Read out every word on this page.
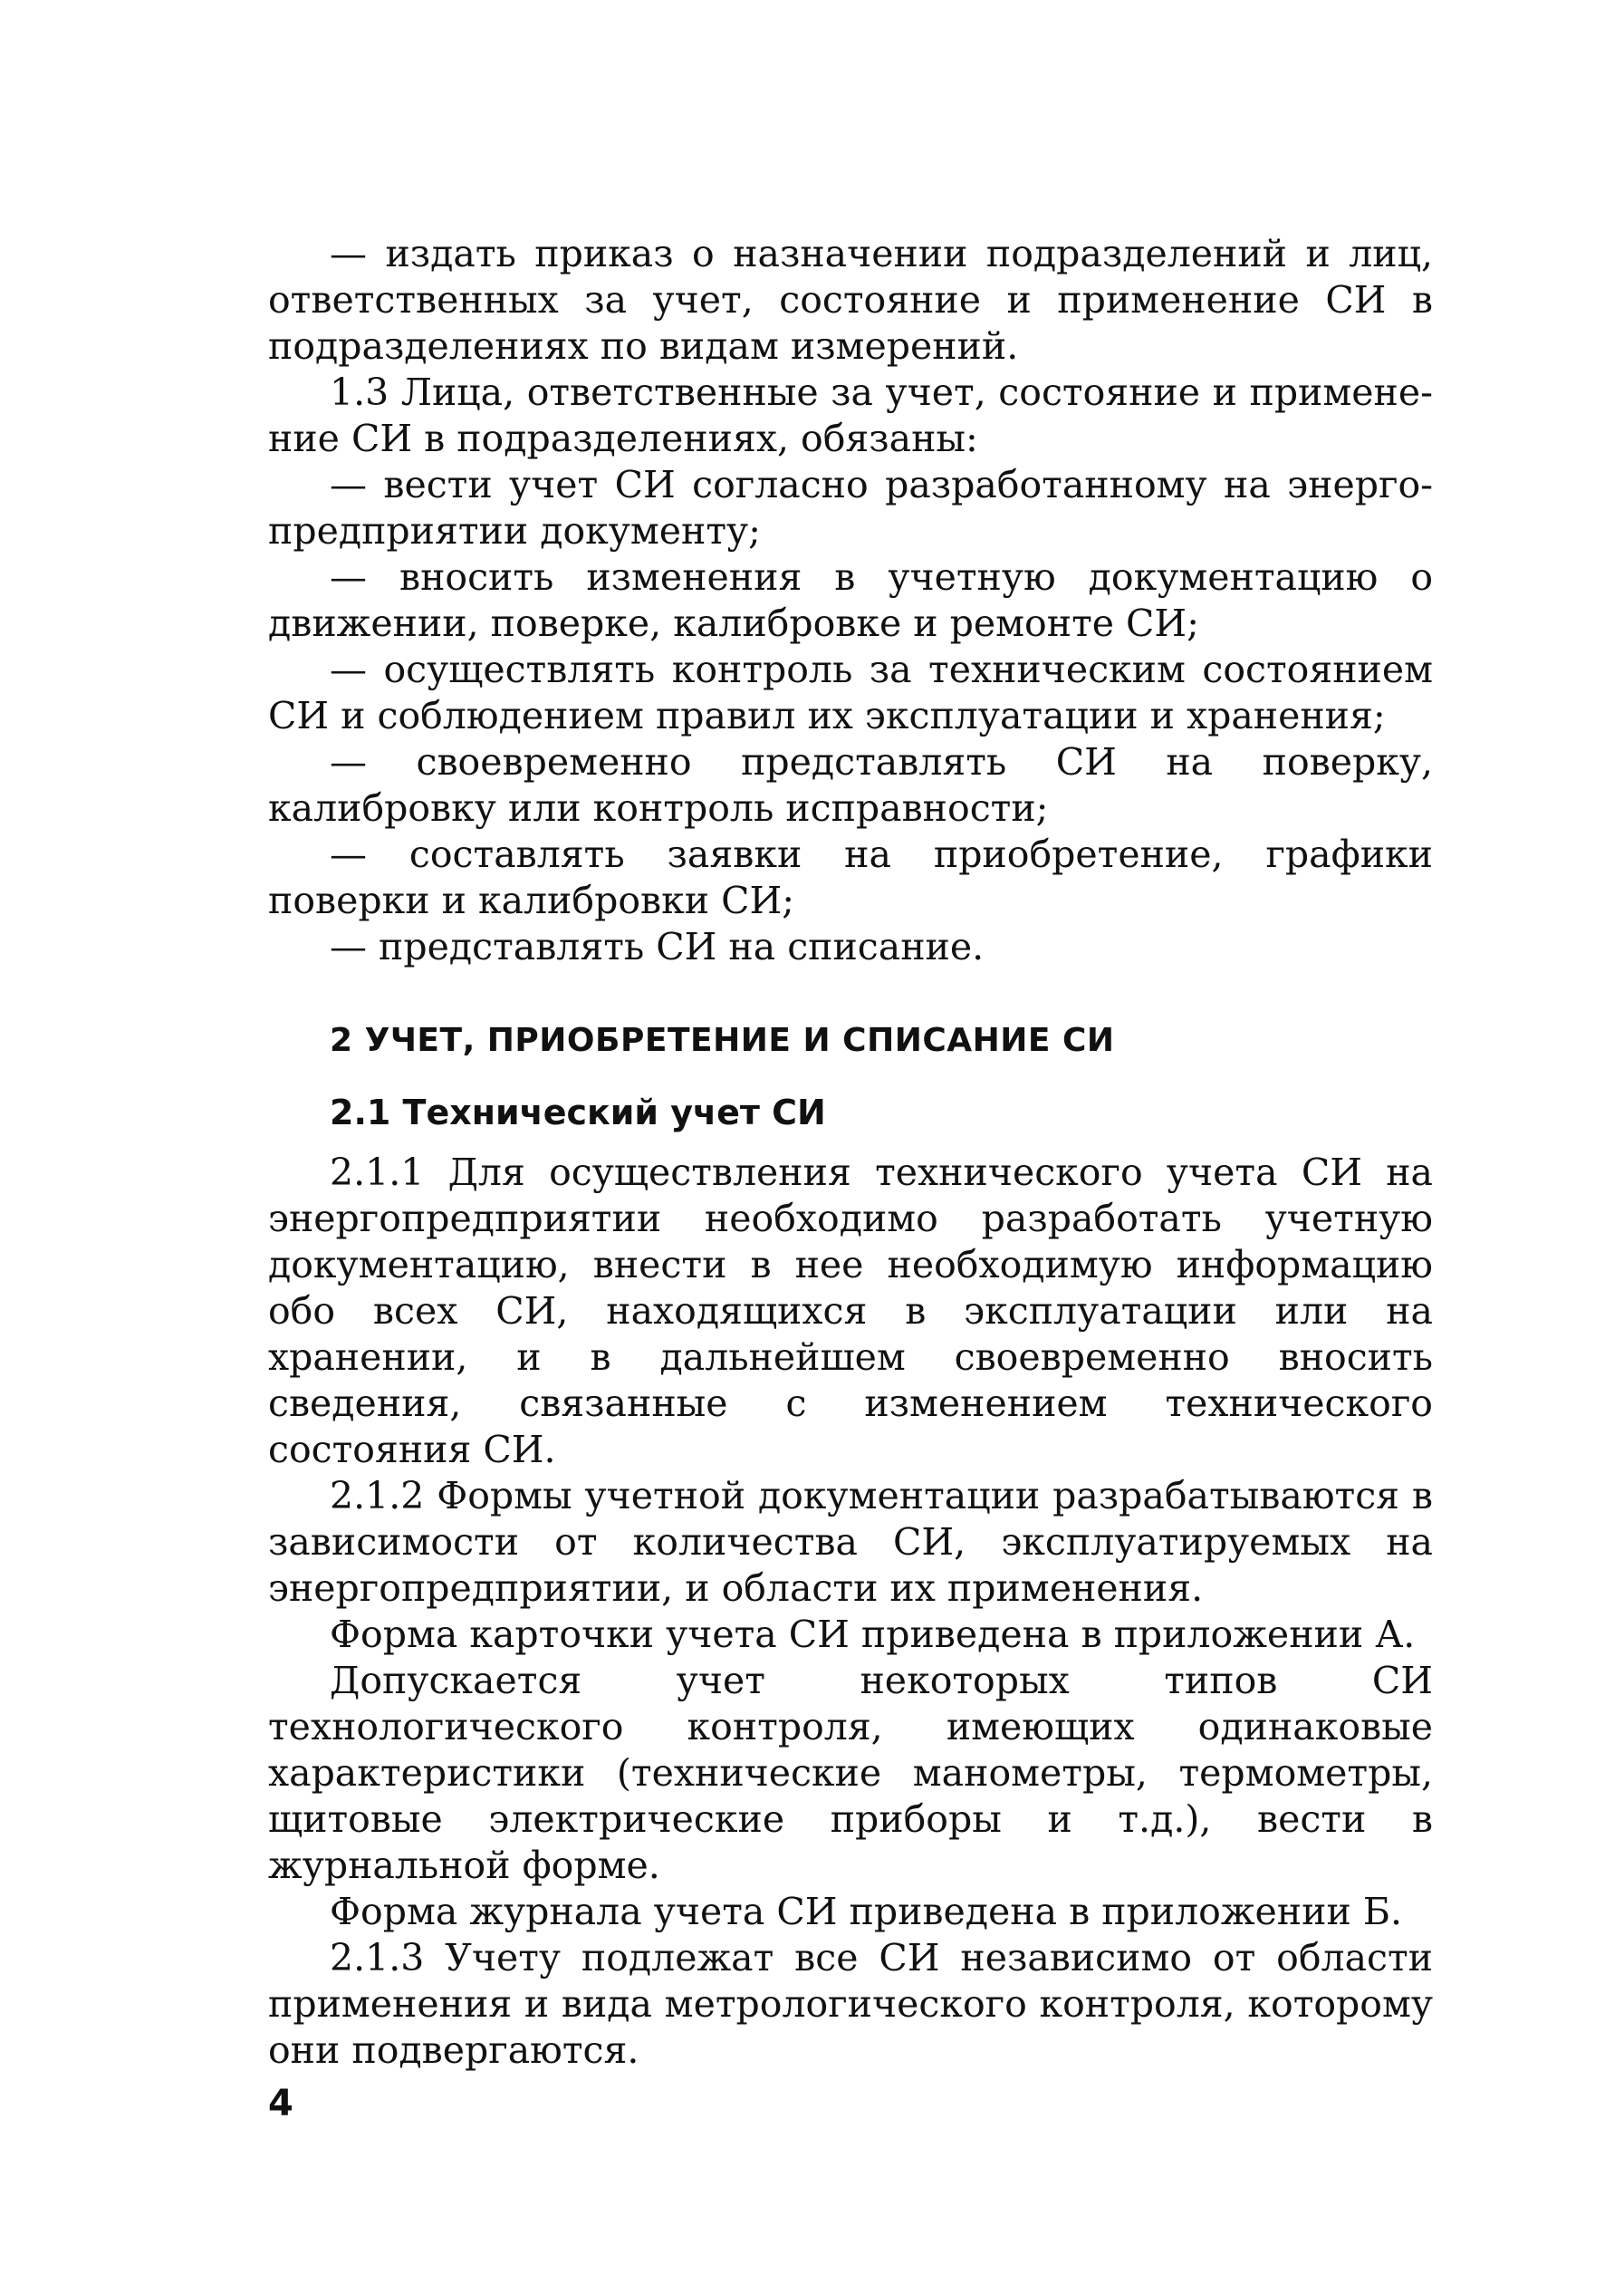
— издать приказ о назначении подразделений и лиц, ответственных за учет, состояние и применение СИ в подразделениях по видам измерений.

1.3 Лица, ответственные за учет, состояние и применение СИ в подразделениях, обязаны:

— вести учет СИ согласно разработанному на энергопредприятии документу;

— вносить изменения в учетную документацию о движении, поверке, калибровке и ремонте СИ;

— осуществлять контроль за техническим состоянием СИ и соблюдением правил их эксплуатации и хранения;

— своевременно представлять СИ на поверку, калибровку или контроль исправности;

— составлять заявки на приобретение, графики поверки и калибровки СИ;

— представлять СИ на списание.

2 УЧЕТ, ПРИОБРЕТЕНИЕ И СПИСАНИЕ СИ
2.1 Технический учет СИ

2.1.1 Для осуществления технического учета СИ на энергопредприятии необходимо разработать учетную документацию, внести в нее необходимую информацию обо всех СИ, находящихся в эксплуатации или на хранении, и в дальнейшем своевременно вносить сведения, связанные с изменением технического состояния СИ.

2.1.2 Формы учетной документации разрабатываются в зависимости от количества СИ, эксплуатируемых на энергопредприятии, и области их применения.

Форма карточки учета СИ приведена в приложении А.

Допускается учет некоторых типов СИ технологического контроля, имеющих одинаковые характеристики (технические манометры, термометры, щитовые электрические приборы и т.д.), вести в журнальной форме.

Форма журнала учета СИ приведена в приложении Б.

2.1.3 Учету подлежат все СИ независимо от области применения и вида метрологического контроля, которому они подвергаются.

4
